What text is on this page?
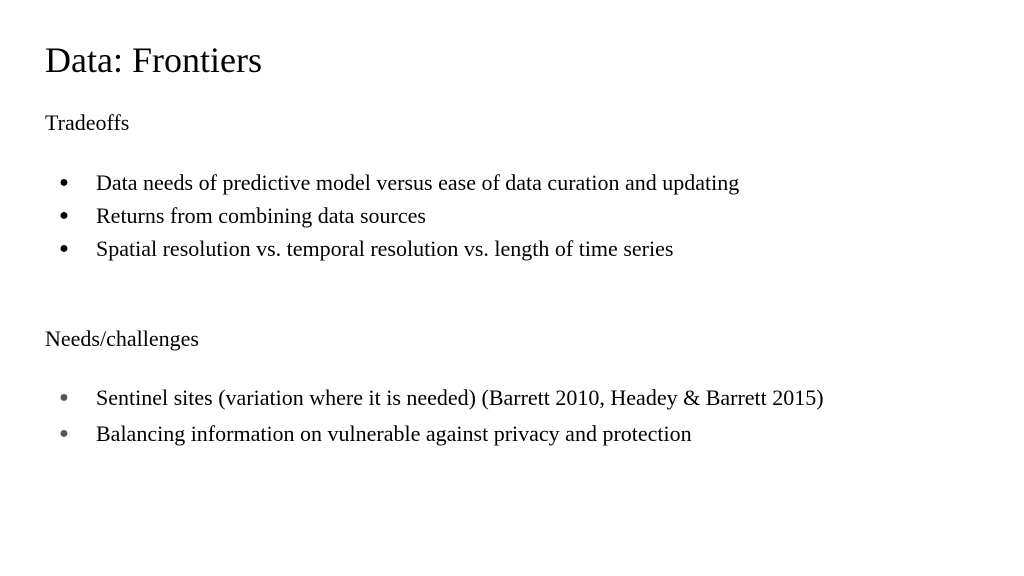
Data: Frontiers

Tradeoffs

● Data needs of predictive model versus ease of data curation and updating
● Returns from combining data sources
● Spatial resolution vs. temporal resolution vs. length of time series

Needs/challenges

● Sentinel sites (variation where it is needed) (Barrett 2010, Headey & Barrett 2015)
● Balancing information on vulnerable against privacy and protection
